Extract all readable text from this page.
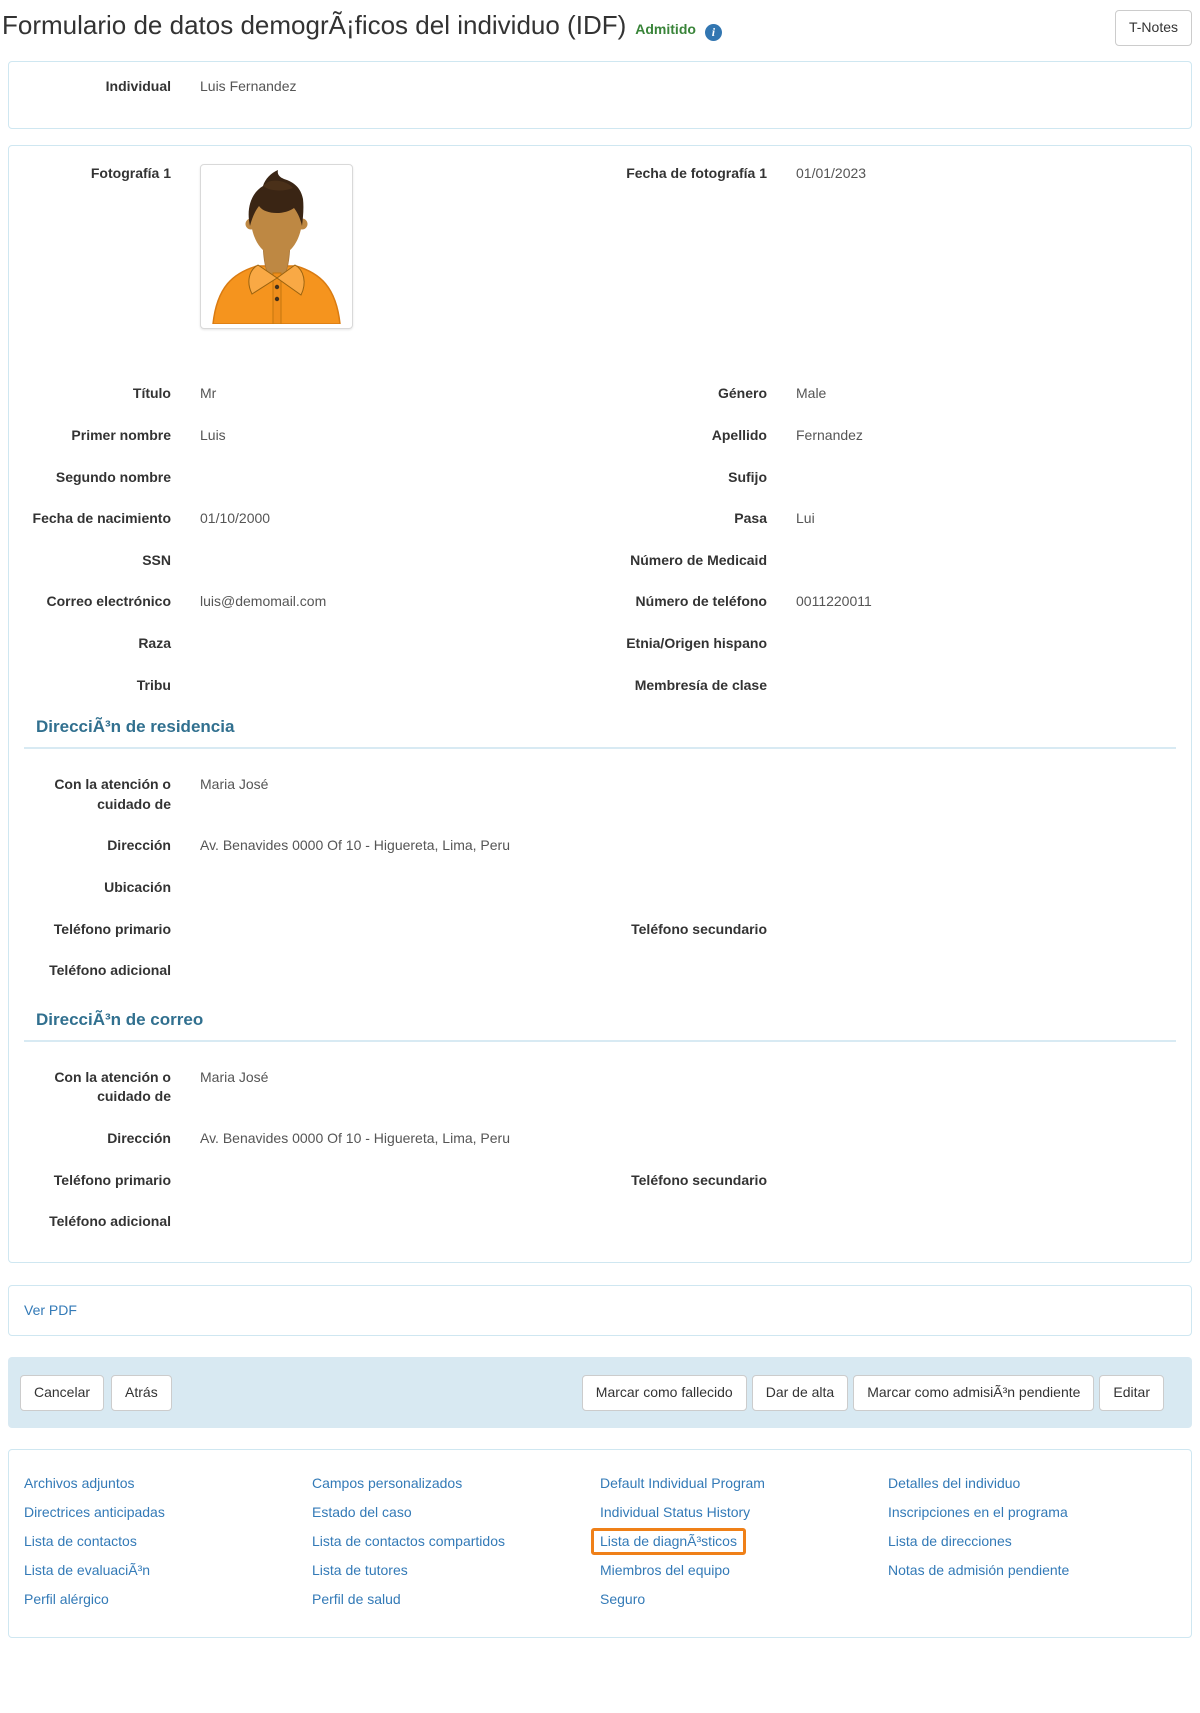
Formulario de datos demogrÃ¡ficos del individuo (IDF) Admitido	i	T-Notes
Individual Luis Fernandez
Fotografía 1	Fecha de fotografía 1 01/01/2023
Título Mr	Género Male
Primer nombre Luis	Apellido Fernandez
Segundo nombre	Sufijo
Fecha de nacimiento 01/10/2000	Pasa Lui
SSN	Número de Medicaid
Correo electrónico luis@demomail.com	Número de teléfono 0011220011
Raza	Etnia/Origen hispano
Tribu	Membresía de clase
DirecciÃ³n de residencia
Con la atención o cuidado de
Maria José
Dirección Av. Benavides 0000 Of 10 - Higuereta, Lima, Peru
Ubicación
Teléfono primario	Teléfono secundario
Teléfono adicional
DirecciÃ³n de correo
Con la atención o cuidado de
Maria José
Dirección Av. Benavides 0000 Of 10 - Higuereta, Lima, Peru
Teléfono primario	Teléfono secundario
Teléfono adicional
Ver PDF
Cancelar	Atrás	Marcar como fallecido	Dar de alta	Marcar como admisiÃ³n pendiente	Editar
Archivos adjuntos
Directrices anticipadas
Lista de contactos
Lista de evaluaciÃ³n
Perfil alérgico
Campos personalizados
Estado del caso
Lista de contactos compartidos
Lista de tutores
Perfil de salud
Default Individual Program
Individual Status History
Lista de diagnÃ³sticos
Miembros del equipo
Seguro
Detalles del individuo
Inscripciones en el programa
Lista de direcciones
Notas de admisión pendiente
